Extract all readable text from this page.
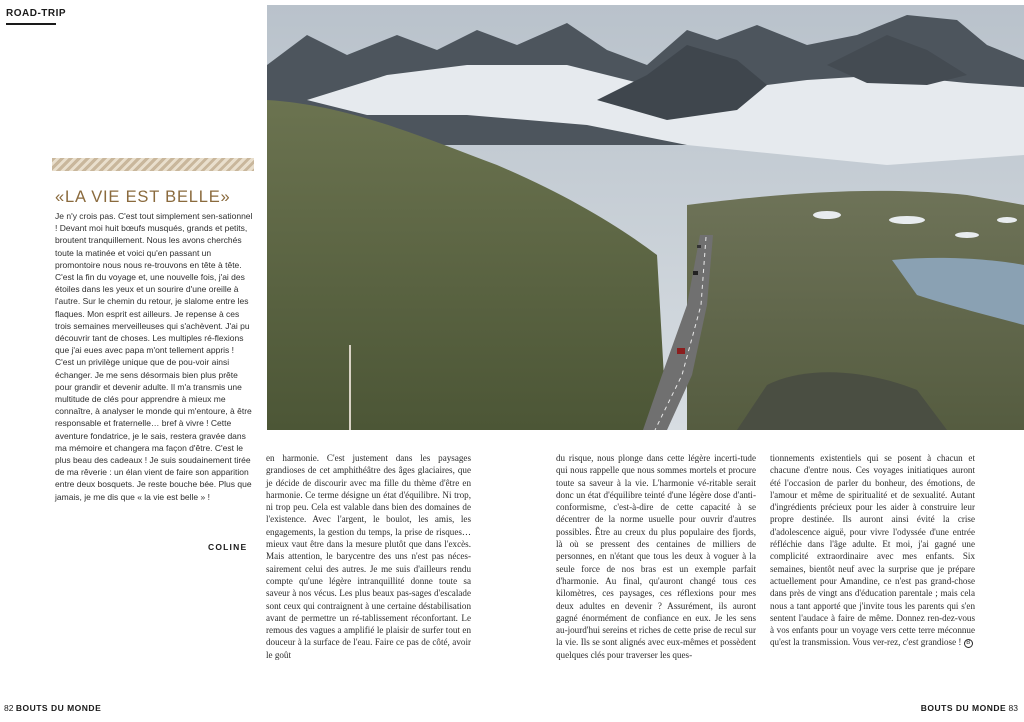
ROAD-TRIP
«LA VIE EST BELLE»

Je n'y crois pas. C'est tout simplement sen-sationnel ! Devant moi huit bœufs musqués, grands et petits, broutent tranquillement. Nous les avons cherchés toute la matinée et voici qu'en passant un promontoire nous nous re-trouvons en tête à tête. C'est la fin du voyage et, une nouvelle fois, j'ai des étoiles dans les yeux et un sourire d'une oreille à l'autre. Sur le chemin du retour, je slalome entre les flaques. Mon esprit est ailleurs. Je repense à ces trois semaines merveilleuses qui s'achèvent. J'ai pu découvrir tant de choses. Les multiples ré-flexions que j'ai eues avec papa m'ont tellement appris ! C'est un privilège unique que de pou-voir ainsi échanger. Je me sens désormais bien plus prête pour grandir et devenir adulte. Il m'a transmis une multitude de clés pour apprendre à mieux me connaître, à analyser le monde qui m'entoure, à être responsable et fraternelle… bref à vivre ! Cette aventure fondatrice, je le sais, restera gravée dans ma mémoire et changera ma façon d'être. C'est le plus beau des cadeaux ! Je suis soudainement tirée de ma rêverie : un élan vient de faire son apparition entre deux bosquets. Je reste bouche bée. Plus que jamais, je me dis que « la vie est belle » !

COLINE

en harmonie. C'est justement dans les paysages grandioses de cet amphithéâtre des âges glaciaires, que je décide de discourir avec ma fille du thème d'être en harmonie. Ce terme désigne un état d'équilibre. Ni trop, ni trop peu. Cela est valable dans bien des domaines de l'existence. Avec l'argent, le boulot, les amis, les engagements, la gestion du temps, la prise de risques… mieux vaut être dans la mesure plutôt que dans l'excès. Mais attention, le barycentre des uns n'est pas néces-sairement celui des autres. Je me suis d'ailleurs rendu compte qu'une légère intranquillité donne toute sa saveur à nos vécus. Les plus beaux pas-sages d'escalade sont ceux qui contraignent à une certaine déstabilisation avant de permettre un ré-tablissement réconfortant. Le remous des vagues a amplifié le plaisir de surfer tout en douceur à la surface de l'eau. Faire ce pas de côté, avoir le goût

du risque, nous plonge dans cette légère incerti-tude qui nous rappelle que nous sommes mortels et procure toute sa saveur à la vie. L'harmonie vé-ritable serait donc un état d'équilibre teinté d'une légère dose d'anti-conformisme, c'est-à-dire de cette capacité à se décentrer de la norme usuelle pour ouvrir d'autres possibles. Être au creux du plus populaire des fjords, là où se pressent des centaines de milliers de personnes, en n'étant que tous les deux à voguer à la seule force de nos bras est un exemple parfait d'harmonie. Au final, qu'auront changé tous ces kilomètres, ces paysages, ces réflexions pour mes deux adultes en devenir ? Assurément, ils auront gagné énormément de confiance en eux. Je les sens au-jourd'hui sereins et riches de cette prise de recul sur la vie. Ils se sont alignés avec eux-mêmes et possèdent quelques clés pour traverser les ques-

tionnements existentiels qui se posent à chacun et chacune d'entre nous. Ces voyages initiatiques auront été l'occasion de parler du bonheur, des émotions, de l'amour et même de spiritualité et de sexualité. Autant d'ingrédients précieux pour les aider à construire leur propre destinée. Ils auront ainsi évité la crise d'adolescence aiguë, pour vivre l'odyssée d'une entrée réfléchie dans l'âge adulte. Et moi, j'ai gagné une complicité extraordinaire avec mes enfants. Six semaines, bientôt neuf avec la surprise que je prépare actuellement pour Amandine, ce n'est pas grand-chose dans près de vingt ans d'éducation parentale ; mais cela nous a tant apporté que j'invite tous les parents qui s'en sentent l'audace à faire de même. Donnez ren-dez-vous à vos enfants pour un voyage vers cette terre méconnue qu'est la transmission. Vous ver-rez, c'est grandiose ! B

82 BOUTS DU MONDE	BOUTS DU MONDE 83
